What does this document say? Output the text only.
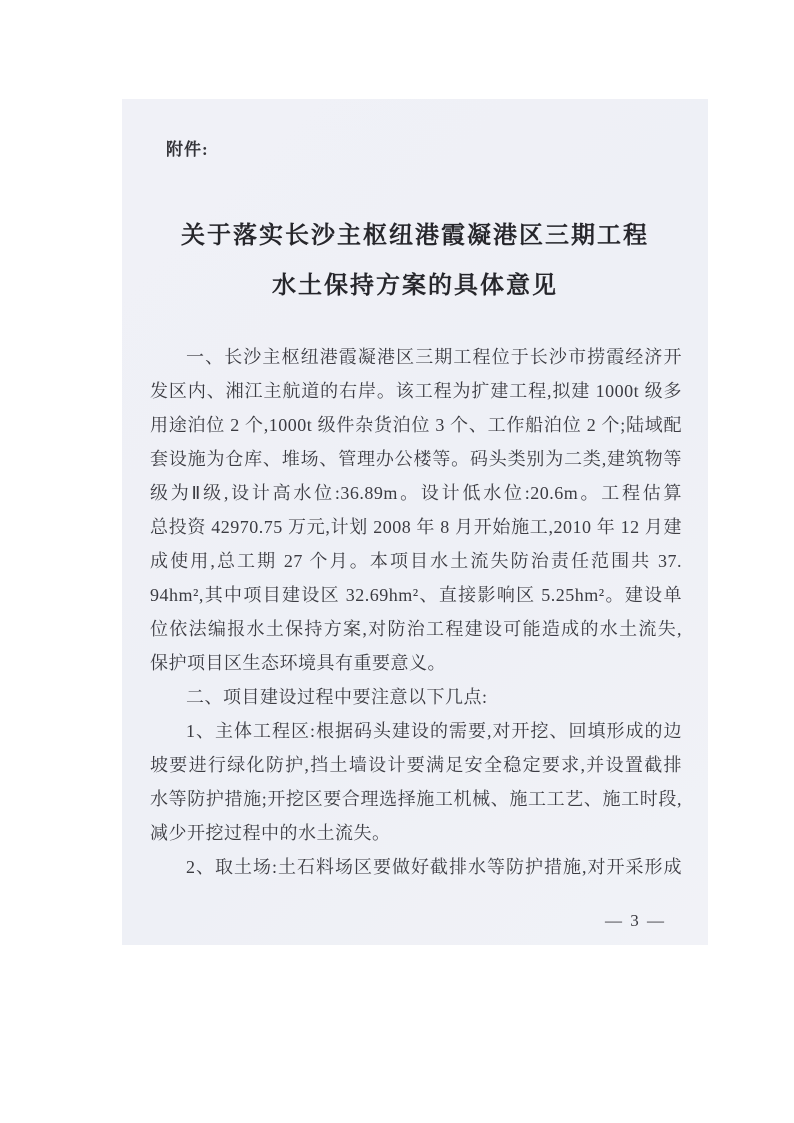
附件:
关于落实长沙主枢纽港霞凝港区三期工程
水土保持方案的具体意见
一、长沙主枢纽港霞凝港区三期工程位于长沙市捞霞经济开
发区内、湘江主航道的右岸。该工程为扩建工程,拟建 1000t 级多
用途泊位 2 个,1000t 级件杂货泊位 3 个、工作船泊位 2 个;陆域配
套设施为仓库、堆场、管理办公楼等。码头类别为二类,建筑物等
级为Ⅱ级,设计高水位:36.89m。设计低水位:20.6m。工程估算
总投资 42970.75 万元,计划 2008 年 8 月开始施工,2010 年 12 月建
成使用,总工期 27 个月。本项目水土流失防治责任范围共 37.
94hm²,其中项目建设区 32.69hm²、直接影响区 5.25hm²。建设单
位依法编报水土保持方案,对防治工程建设可能造成的水土流失,
保护项目区生态环境具有重要意义。
二、项目建设过程中要注意以下几点:
1、主体工程区:根据码头建设的需要,对开挖、回填形成的边
坡要进行绿化防护,挡土墙设计要满足安全稳定要求,并设置截排
水等防护措施;开挖区要合理选择施工机械、施工工艺、施工时段,
减少开挖过程中的水土流失。
2、取土场:土石料场区要做好截排水等防护措施,对开采形成
— 3 —
